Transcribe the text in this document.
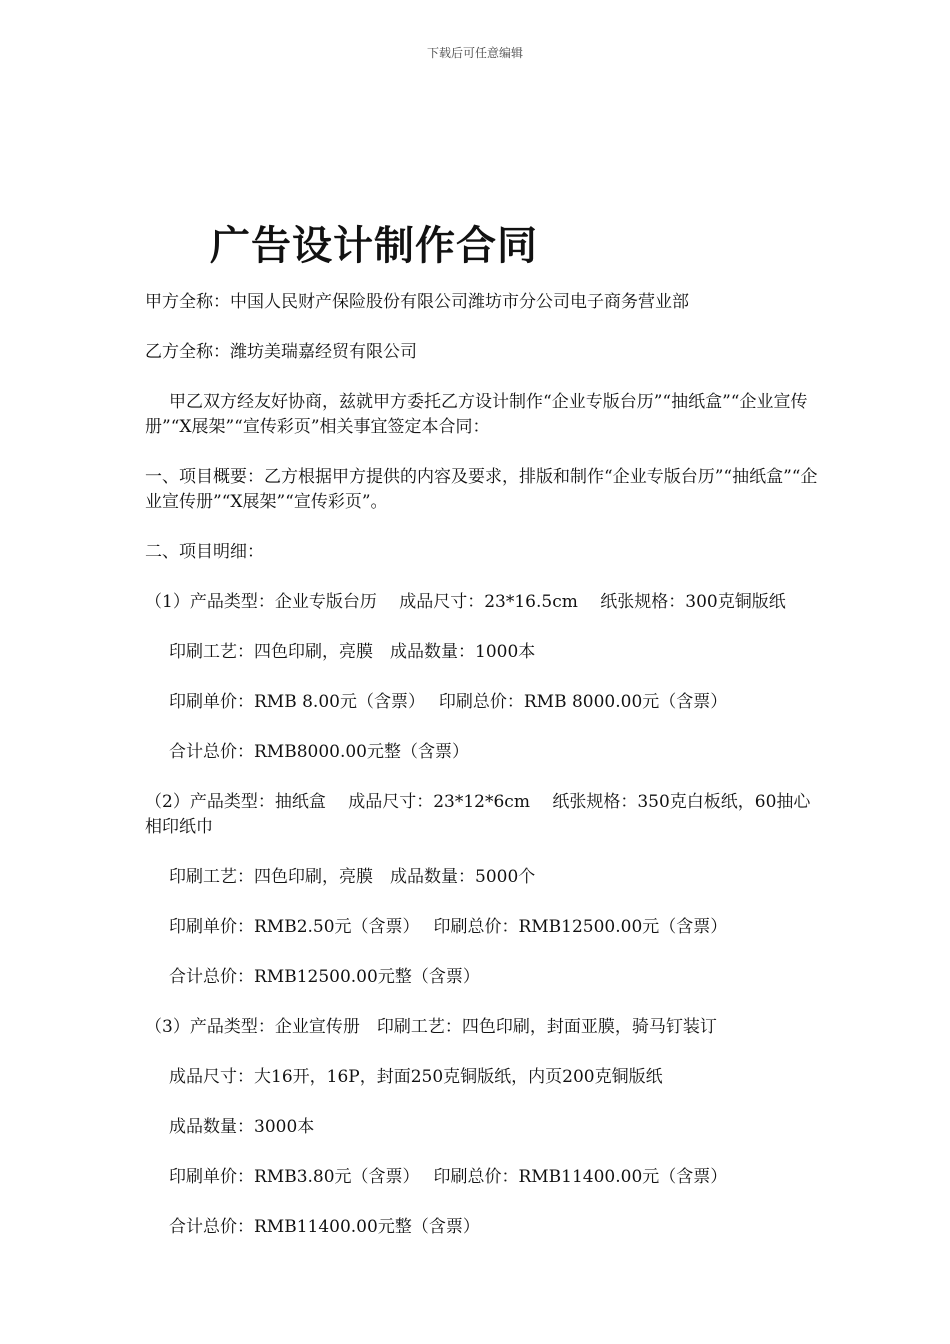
下载后可任意编辑
广告设计制作合同

甲方全称：中国人民财产保险股份有限公司潍坊市分公司电子商务营业部

乙方全称：潍坊美瑞嘉经贸有限公司

甲乙双方经友好协商，兹就甲方委托乙方设计制作“企业专版台历”“抽纸盒”“企业宣传册”“X展架”“宣传彩页”相关事宜签定本合同：

一、项目概要：乙方根据甲方提供的内容及要求，排版和制作“企业专版台历”“抽纸盒”“企业宣传册”“X展架”“宣传彩页”。

二、项目明细：

（1）产品类型：企业专版台历　 成品尺寸：23*16.5cm　 纸张规格：300克铜版纸

印刷工艺：四色印刷，亮膜　成品数量：1000本

印刷单价：RMB 8.00元（含票）　 印刷总价：RMB 8000.00元（含票）

合计总价：RMB8000.00元整（含票）

（2）产品类型：抽纸盒　 成品尺寸：23*12*6cm　 纸张规格：350克白板纸，60抽心相印纸巾

印刷工艺：四色印刷，亮膜　成品数量：5000个

印刷单价：RMB2.50元（含票）　 印刷总价：RMB12500.00元（含票）

合计总价：RMB12500.00元整（含票）

（3）产品类型：企业宣传册　印刷工艺：四色印刷，封面亚膜，骑马钉装订

成品尺寸：大16开，16P，封面250克铜版纸，内页200克铜版纸

成品数量：3000本

印刷单价：RMB3.80元（含票）　 印刷总价：RMB11400.00元（含票）

合计总价：RMB11400.00元整（含票）
